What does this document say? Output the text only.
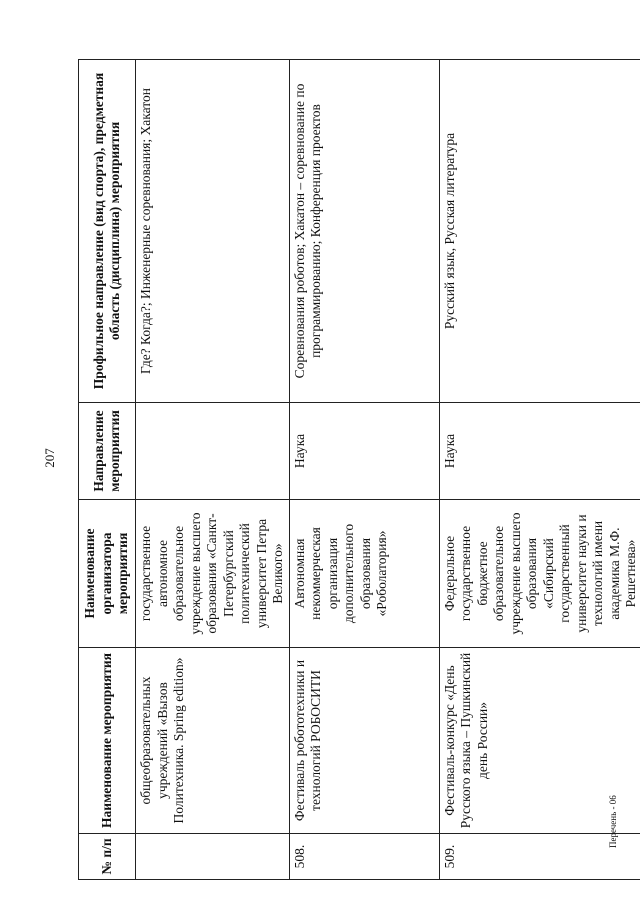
207
№ п/п	Наименование мероприятия	Наименование организатора мероприятия	Направление мероприятия	Профильное направление (вид спорта), предметная область (дисциплина) мероприятия
	общеобразовательных учреждений «Вызов Политехника. Spring edition»	государственное автономное образовательное учреждение высшего образования «Санкт-Петербургский политехнический университет Петра Великого»		Где? Когда?; Инженерные соревнования; Хакатон
508.	Фестиваль робототехники и технологий РОБОСИТИ	Автономная некоммерческая организация дополнительного образования «Роболатория»	Наука	Соревнования роботов; Хакатон – соревнование по программированию; Конференция проектов
509.	Фестиваль-конкурс «День Русского языка – Пушкинский день России»	Федеральное государственное бюджетное образовательное учреждение высшего образования «Сибирский государственный университет науки и технологий имени академика М.Ф. Решетнева»	Наука	Русский язык, Русская литература
Перечень - 06
